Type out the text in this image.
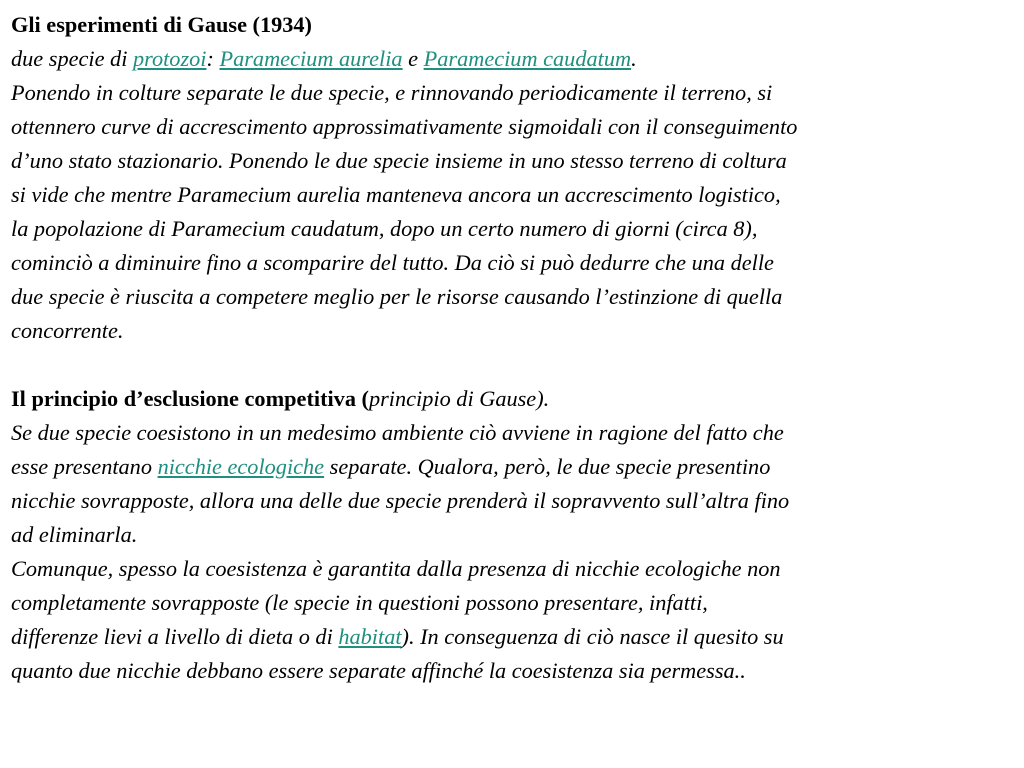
Gli esperimenti di Gause (1934)
due specie di protozoi: Paramecium aurelia e Paramecium caudatum.
Ponendo in colture separate le due specie, e rinnovando periodicamente il terreno, si
ottennero curve di accrescimento approssimativamente sigmoidali con il conseguimento
d’uno stato stazionario. Ponendo le due specie insieme in uno stesso terreno di coltura
si vide che mentre Paramecium aurelia manteneva ancora un accrescimento logistico,
la popolazione di Paramecium caudatum, dopo un certo numero di giorni (circa 8),
cominciò a diminuire fino a scomparire del tutto. Da ciò si può dedurre che una delle
due specie è riuscita a competere meglio per le risorse causando l’estinzione di quella
concorrente.
Il principio d’esclusione competitiva (principio di Gause).
Se due specie coesistono in un medesimo ambiente ciò avviene in ragione del fatto che
esse presentano nicchie ecologiche separate. Qualora, però, le due specie presentino
nicchie sovrapposte, allora una delle due specie prenderà il sopravvento sull’altra fino
ad eliminarla.
Comunque, spesso la coesistenza è garantita dalla presenza di nicchie ecologiche non
completamente sovrapposte (le specie in questioni possono presentare, infatti,
differenze lievi a livello di dieta o di habitat). In conseguenza di ciò nasce il quesito su
quanto due nicchie debbano essere separate affinché la coesistenza sia permessa..
